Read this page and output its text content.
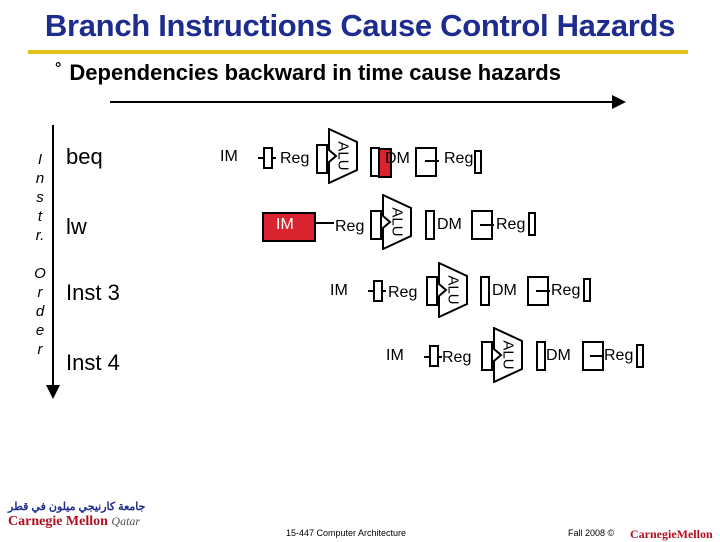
Branch Instructions Cause Control Hazards
° Dependencies backward in time cause hazards
I
n
s
t
r.

O
r
d
e
r
beq
lw
Inst 3
Inst 4
IM	Reg ALU DM Reg
IM	Reg ALU DM Reg
IM	Reg ALU DM Reg
IM Reg ALU DM Reg
جامعة كارنيجي ميلون في قطر
Carnegie Mellon Qatar
15-447 Computer Architecture	Fall 2008 © CarnegieMellon
